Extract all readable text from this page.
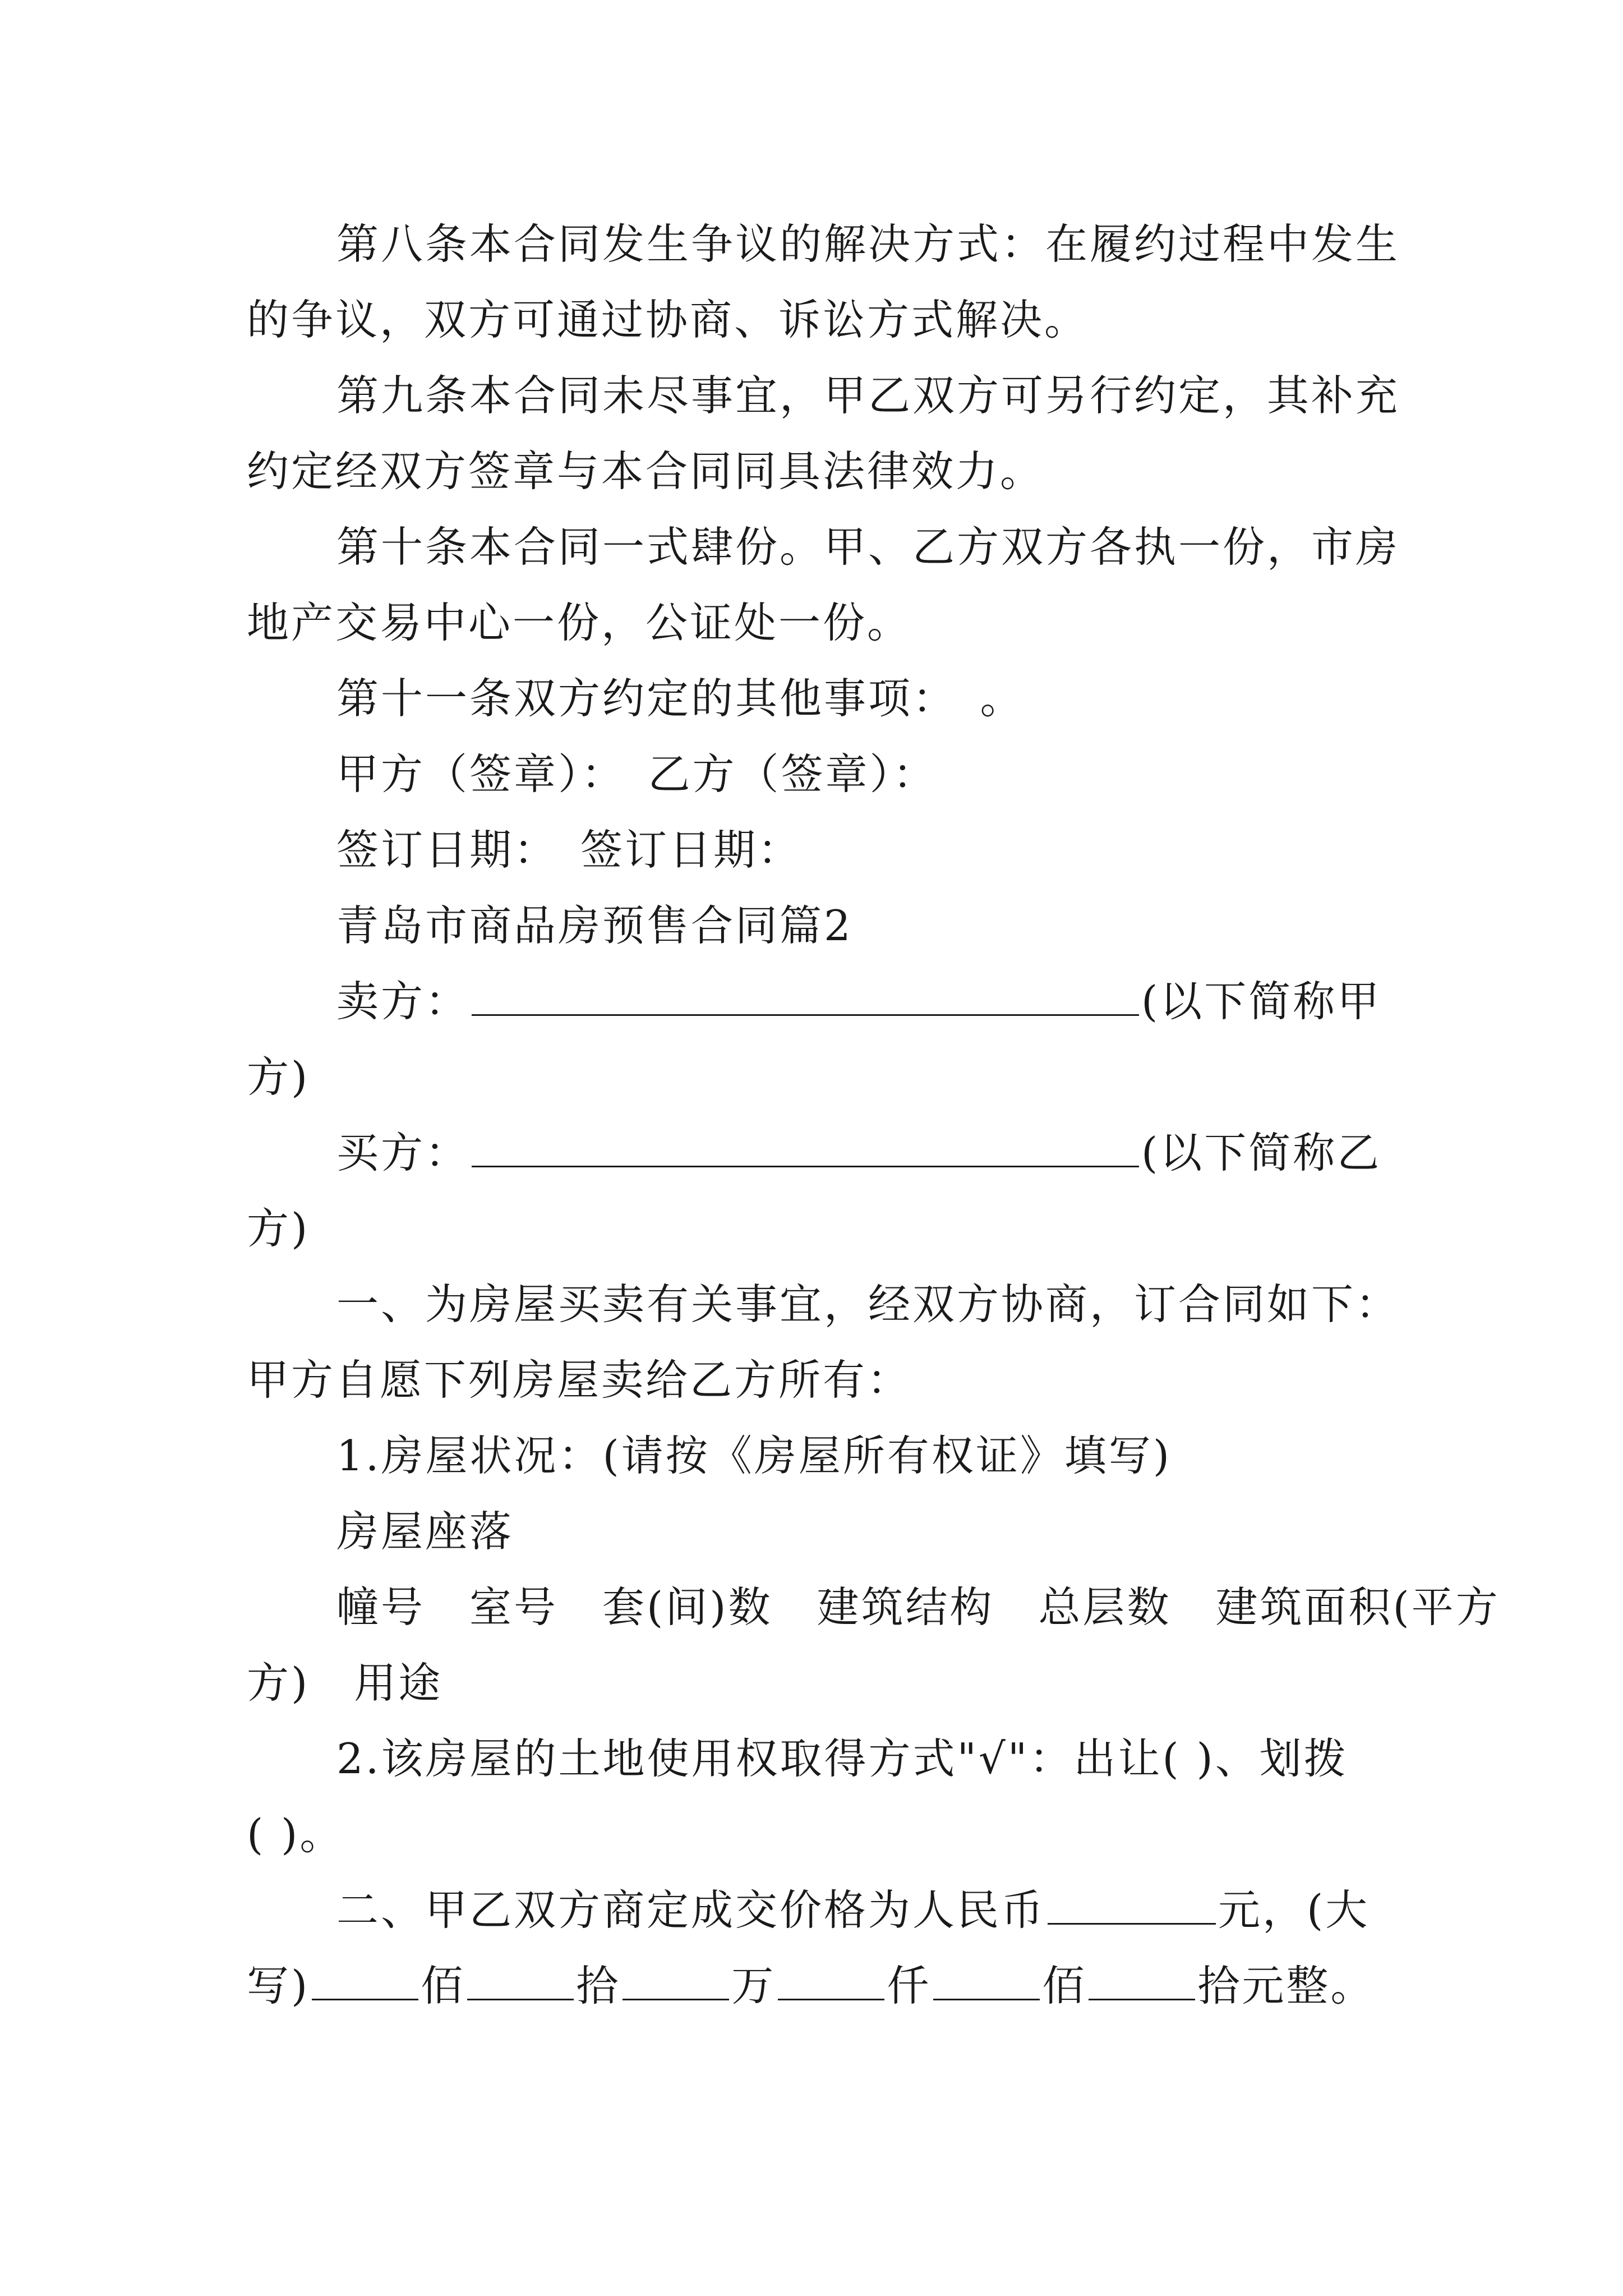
第八条本合同发生争议的解决方式：在履约过程中发生
的争议，双方可通过协商、诉讼方式解决。
第九条本合同未尽事宜，甲乙双方可另行约定，其补充
约定经双方签章与本合同同具法律效力。
第十条本合同一式肆份。甲、乙方双方各执一份，市房
地产交易中心一份，公证处一份。
第十一条双方约定的其他事项：　。
甲方（签章）： 乙方（签章）：
签订日期： 签订日期：
青岛市商品房预售合同篇2
卖方：	(以下简称甲
方)
买方：	(以下简称乙
方)
一、为房屋买卖有关事宜，经双方协商，订合同如下：
甲方自愿下列房屋卖给乙方所有：
1.房屋状况：(请按《房屋所有权证》填写)
房屋座落
幢号　室号　套(间)数　建筑结构　总层数　建筑面积(平方
方)　用途
2.该房屋的土地使用权取得方式"√"：出让( )、划拨
( )。
二、甲乙双方商定成交价格为人民币	元，(大
写)	佰	拾	万	仟	佰	拾元整。
